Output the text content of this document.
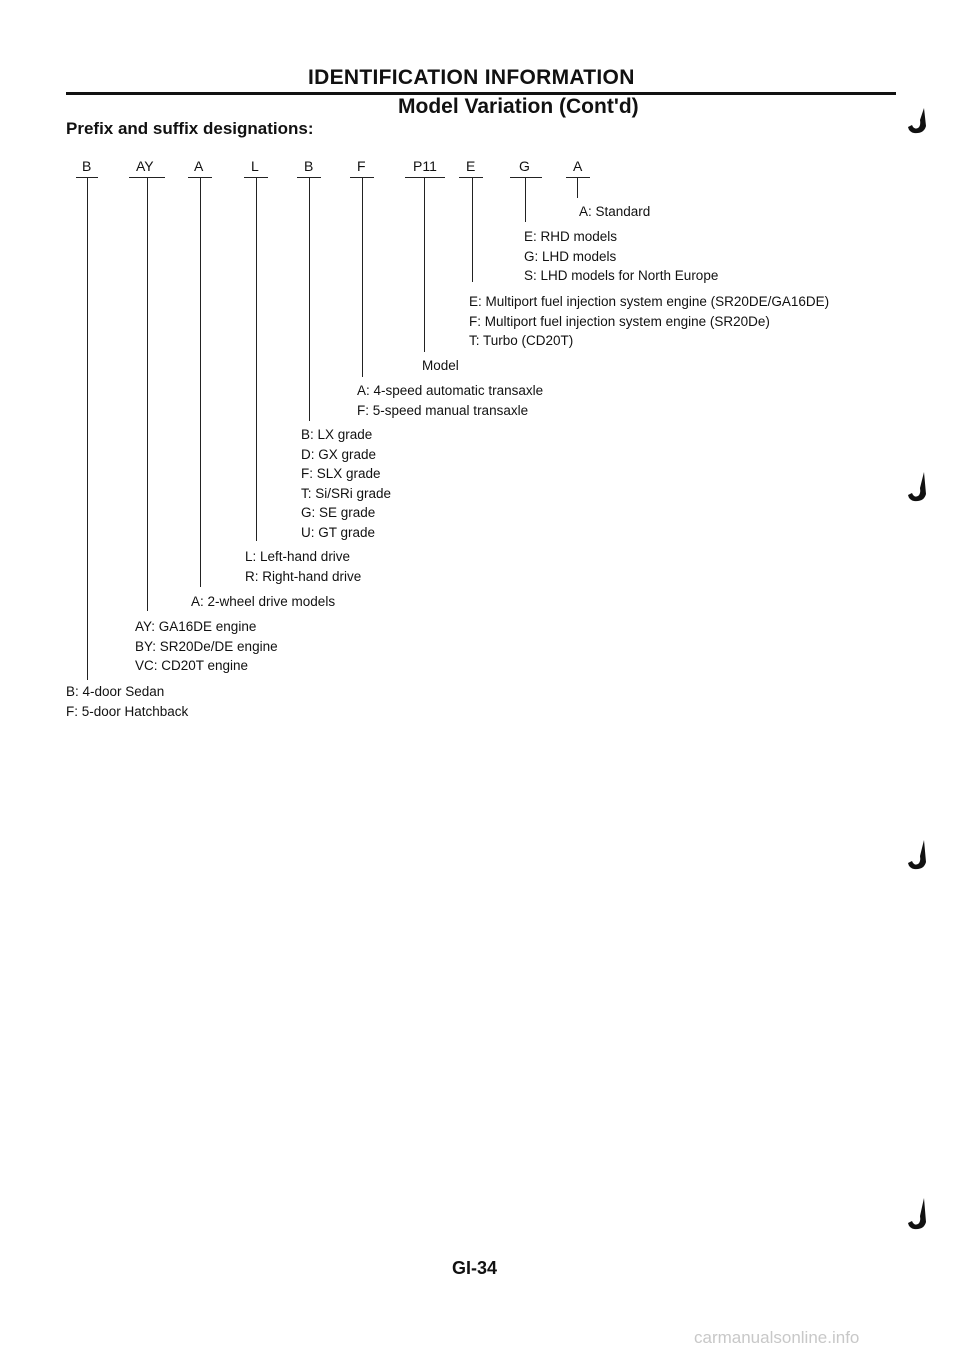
IDENTIFICATION INFORMATION
Model Variation (Cont'd)
Prefix and suffix designations:
B	AY	A	L	B	F	P11 E	G	A
A: Standard
E: RHD models
G: LHD models
S: LHD models for North Europe
E: Multiport fuel injection system engine (SR20DE/GA16DE)
F: Multiport fuel injection system engine (SR20De)
T: Turbo (CD20T)
Model
A: 4-speed automatic transaxle
F: 5-speed manual transaxle
B: LX grade
D: GX grade
F: SLX grade
T: Si/SRi grade
G: SE grade
U: GT grade
L: Left-hand drive
R: Right-hand drive
A: 2-wheel drive models
AY: GA16DE engine
BY: SR20De/DE engine
VC: CD20T engine
B: 4-door Sedan
F: 5-door Hatchback
GI-34
carmanualsonline.info
